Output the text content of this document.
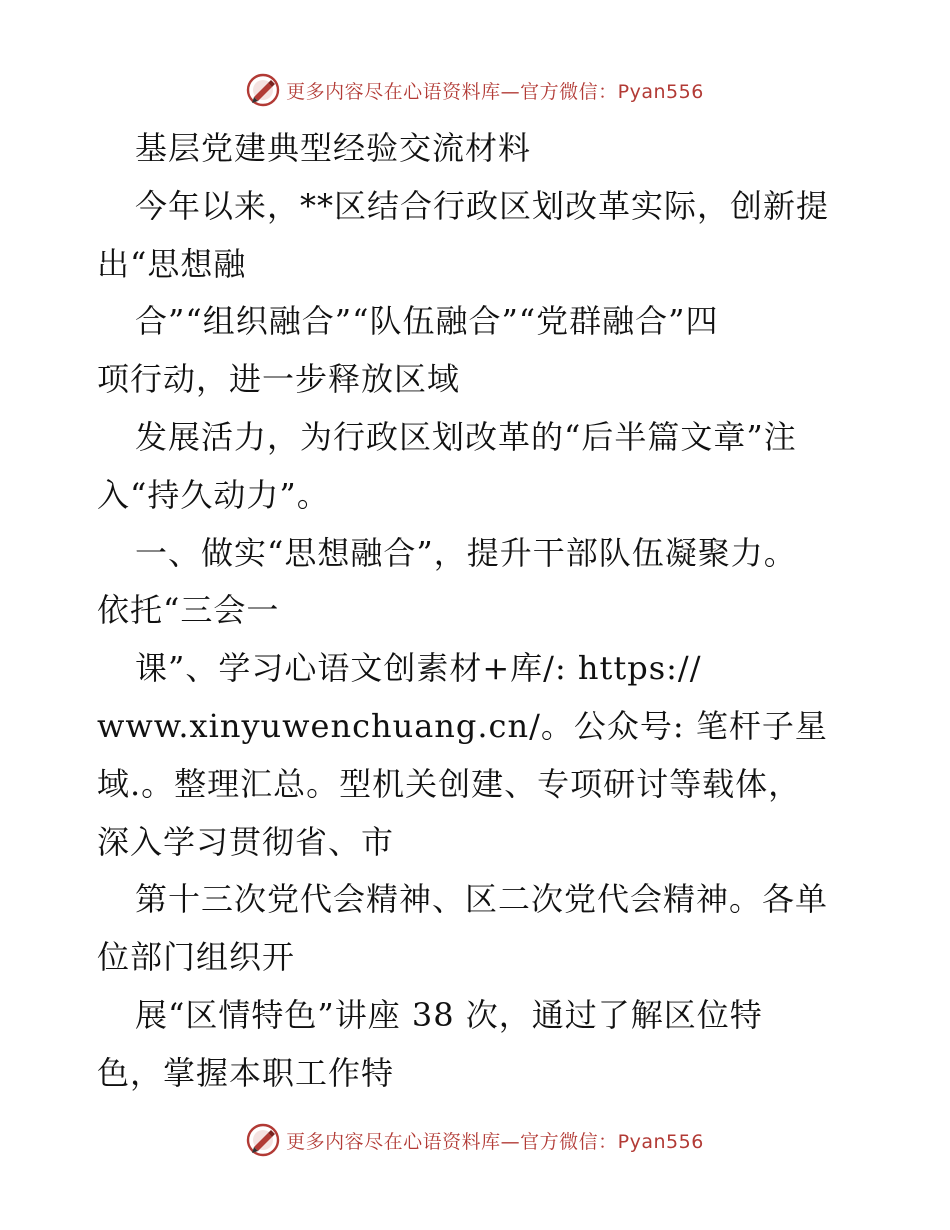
更多内容尽在心语资料库—官方微信：Pyan556
基层党建典型经验交流材料
今年以来，**区结合行政区划改革实际，创新提
出“思想融
合”“组织融合”“队伍融合”“党群融合”四
项行动，进一步释放区域
发展活力，为行政区划改革的“后半篇文章”注
入“持久动力”。
一、做实“思想融合”，提升干部队伍凝聚力。
依托“三会一
课”、学习心语文创素材+库/: https://
www.xinyuwenchuang.cn/。公众号: 笔杆子星
域.。整理汇总。型机关创建、专项研讨等载体，
深入学习贯彻省、市
第十三次党代会精神、区二次党代会精神。各单
位部门组织开
展“区情特色”讲座 38 次，通过了解区位特
色，掌握本职工作特
更多内容尽在心语资料库—官方微信：Pyan556
